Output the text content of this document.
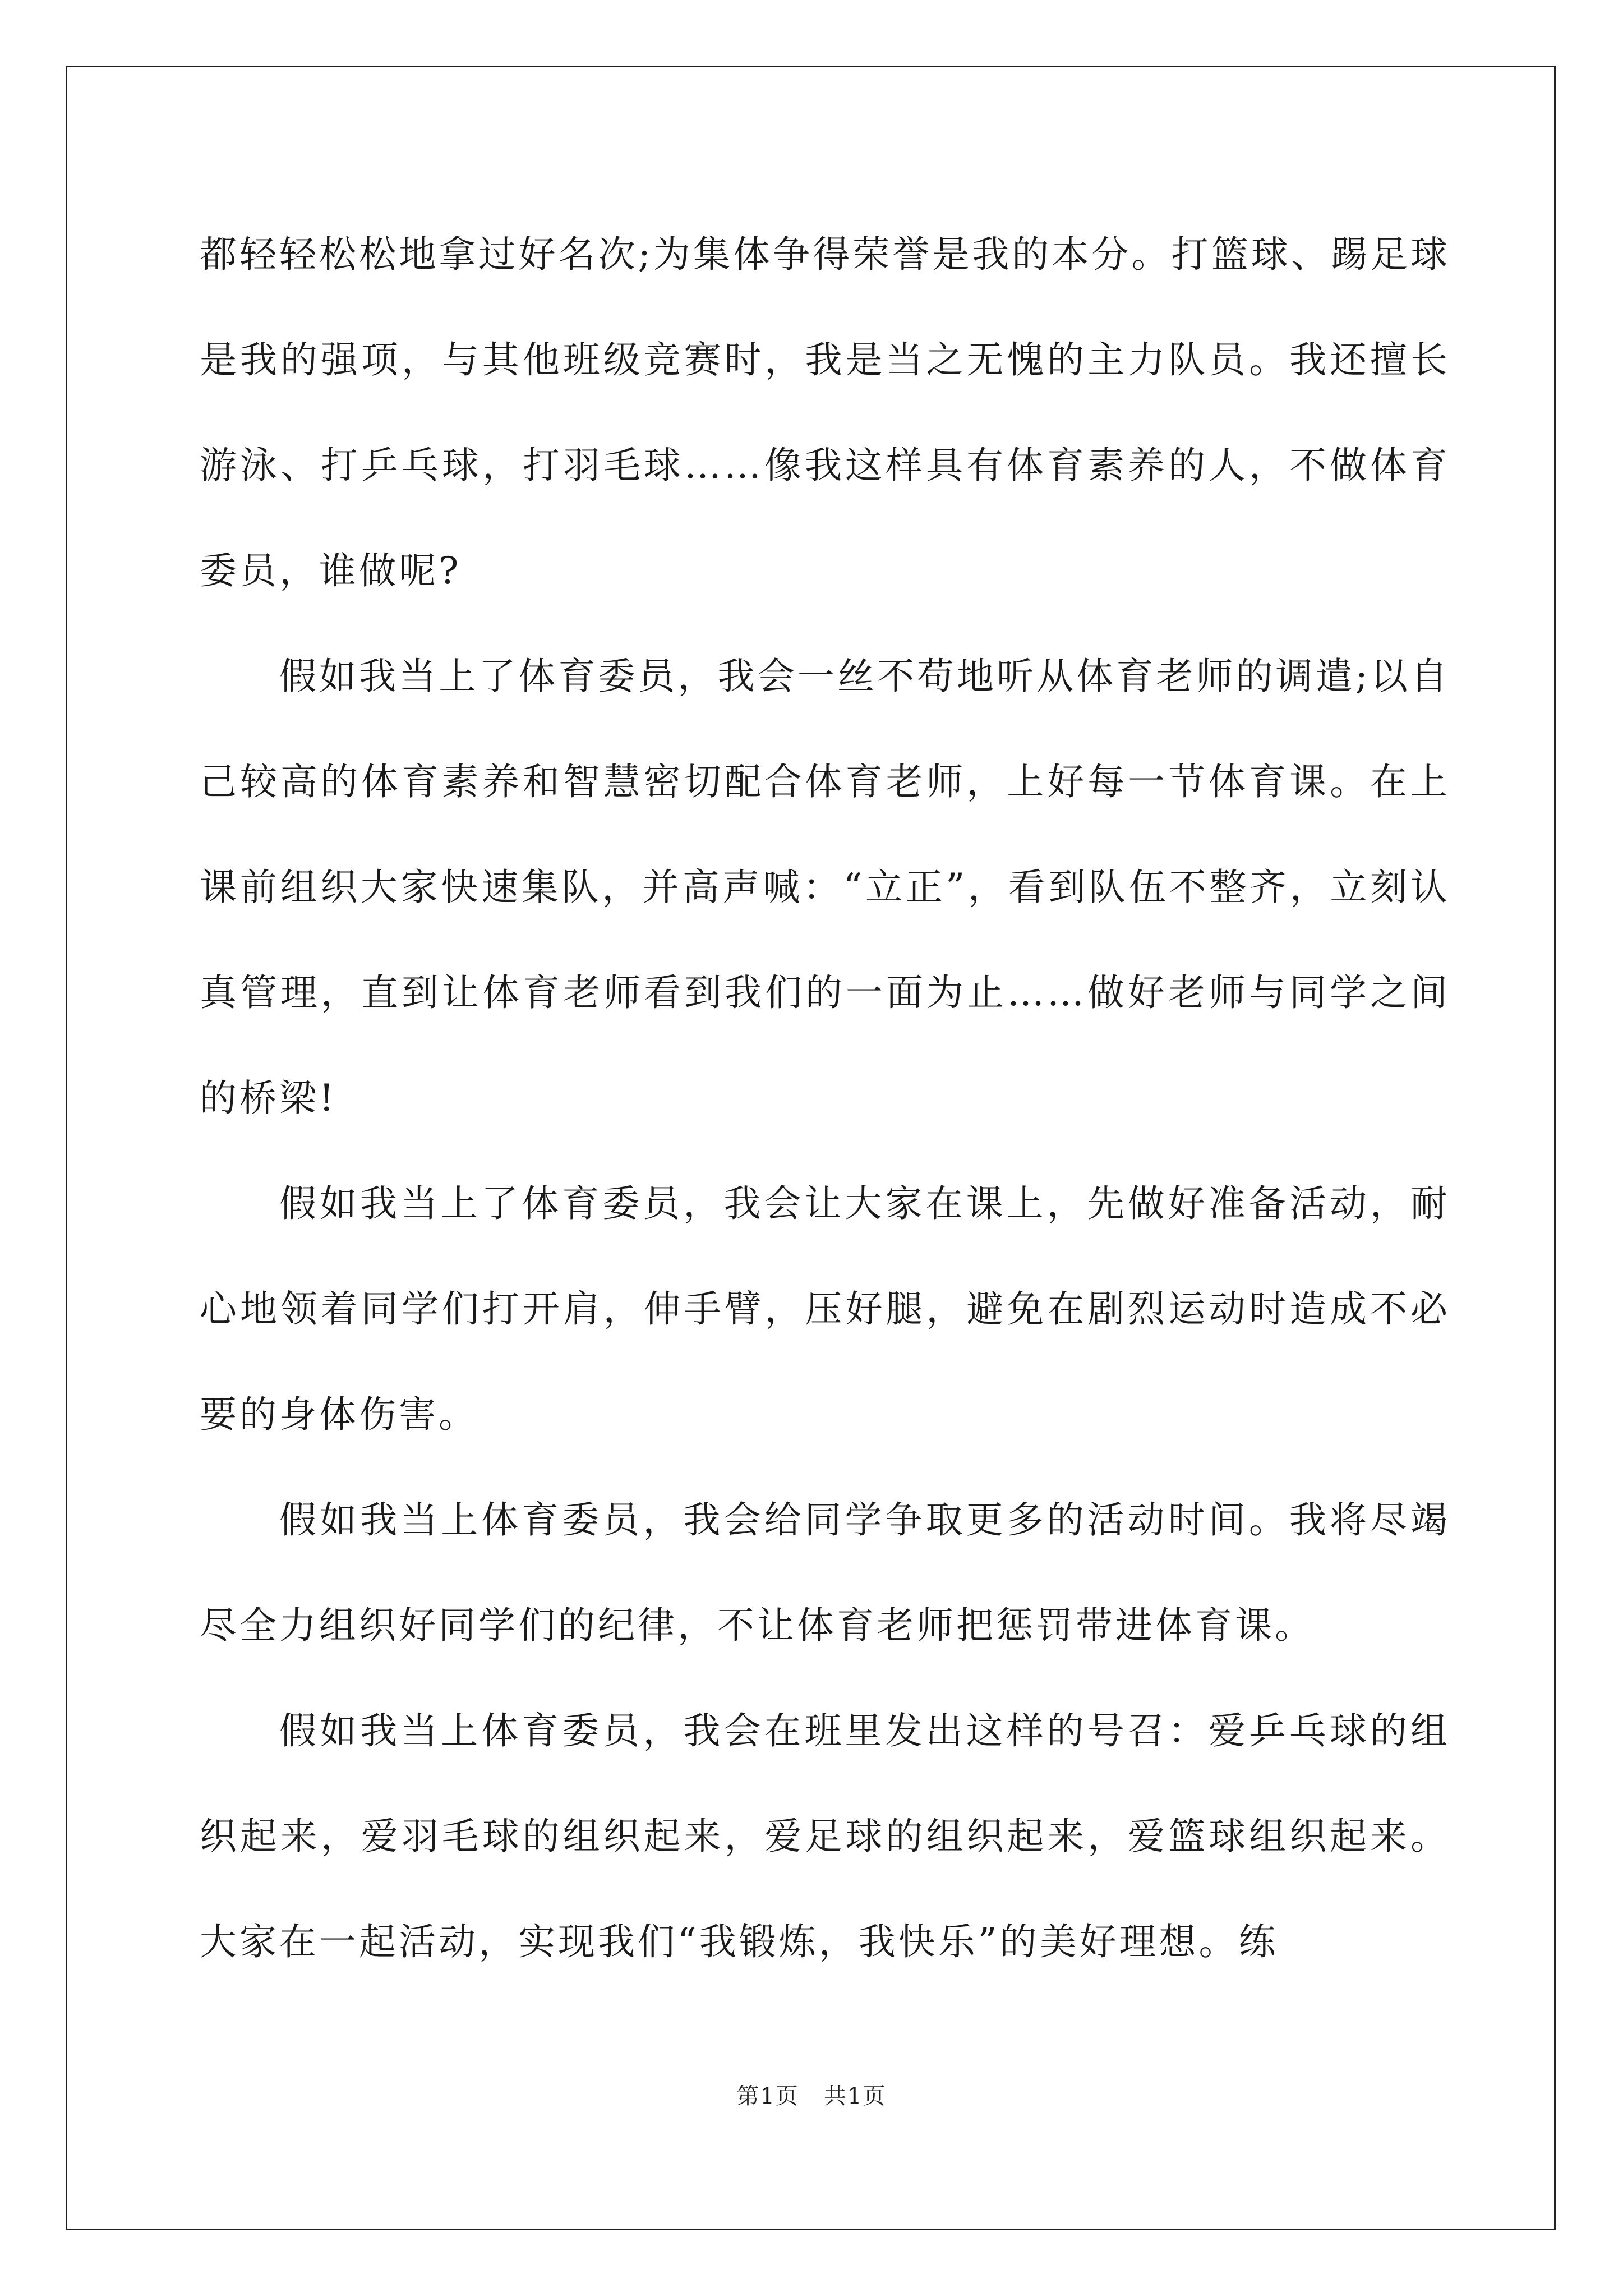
都轻轻松松地拿过好名次;为集体争得荣誉是我的本分。打篮球、踢足球是我的强项，与其他班级竞赛时，我是当之无愧的主力队员。我还擅长游泳、打乒乓球，打羽毛球……像我这样具有体育素养的人，不做体育委员，谁做呢?

假如我当上了体育委员，我会一丝不苟地听从体育老师的调遣;以自己较高的体育素养和智慧密切配合体育老师，上好每一节体育课。在上课前组织大家快速集队，并高声喊：“立正”，看到队伍不整齐，立刻认真管理，直到让体育老师看到我们的一面为止……做好老师与同学之间的桥梁!

假如我当上了体育委员，我会让大家在课上，先做好准备活动，耐心地领着同学们打开肩，伸手臂，压好腿，避免在剧烈运动时造成不必要的身体伤害。

假如我当上体育委员，我会给同学争取更多的活动时间。我将尽竭尽全力组织好同学们的纪律，不让体育老师把惩罚带进体育课。

假如我当上体育委员，我会在班里发出这样的号召：爱乒乓球的组织起来，爱羽毛球的组织起来，爱足球的组织起来，爱篮球组织起来。大家在一起活动，实现我们“我锻炼，我快乐”的美好理想。练

第1页   共1页
